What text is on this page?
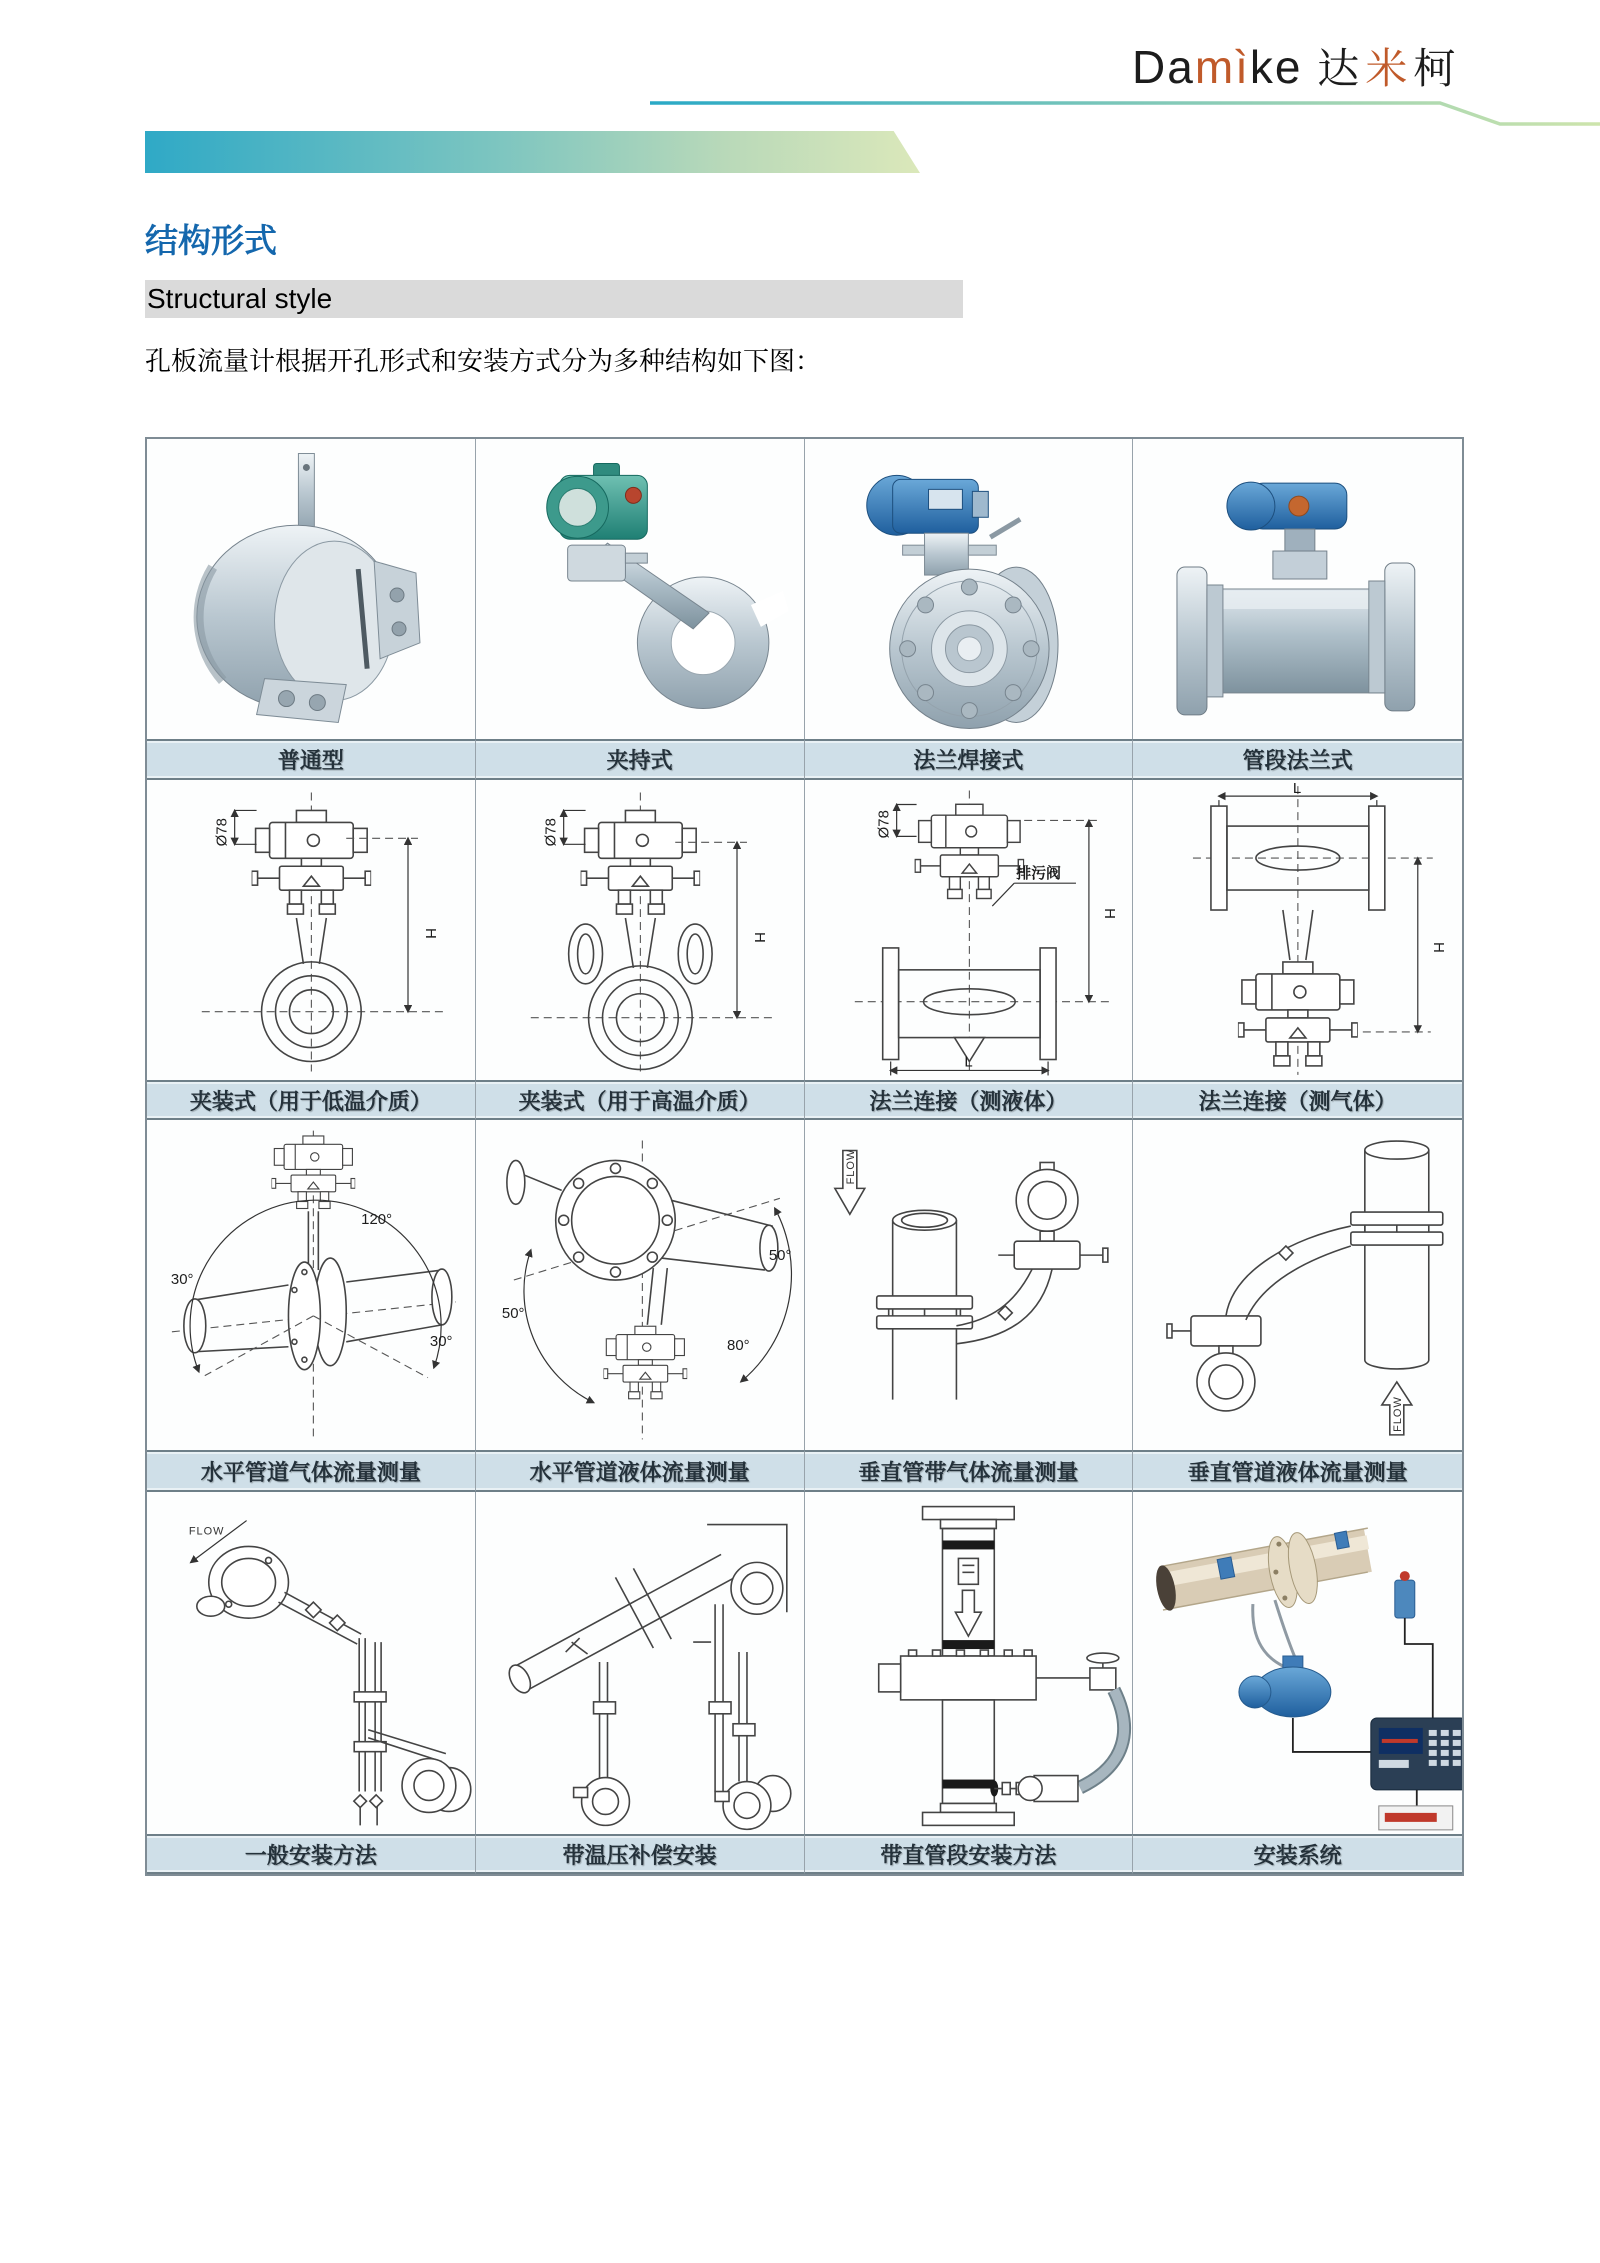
Damìke 达米柯
结构形式
Structural style
孔板流量计根据开孔形式和安装方式分为多种结构如下图：
普通型	夹持式	法兰焊接式	管段法兰式
Ø78
H
Ø78
H
Ø78
排污阀
H
L
L
H
夹装式（用于低温介质）	夹装式（用于高温介质）	法兰连接（测液体）	法兰连接（测气体）
120°
30°
30°
50°
50°
80°
FLOW
FLOW
水平管道气体流量测量	水平管道液体流量测量	垂直管带气体流量测量	垂直管道液体流量测量
FLOW
一般安装方法	带温压补偿安装	带直管段安装方法	安装系统
